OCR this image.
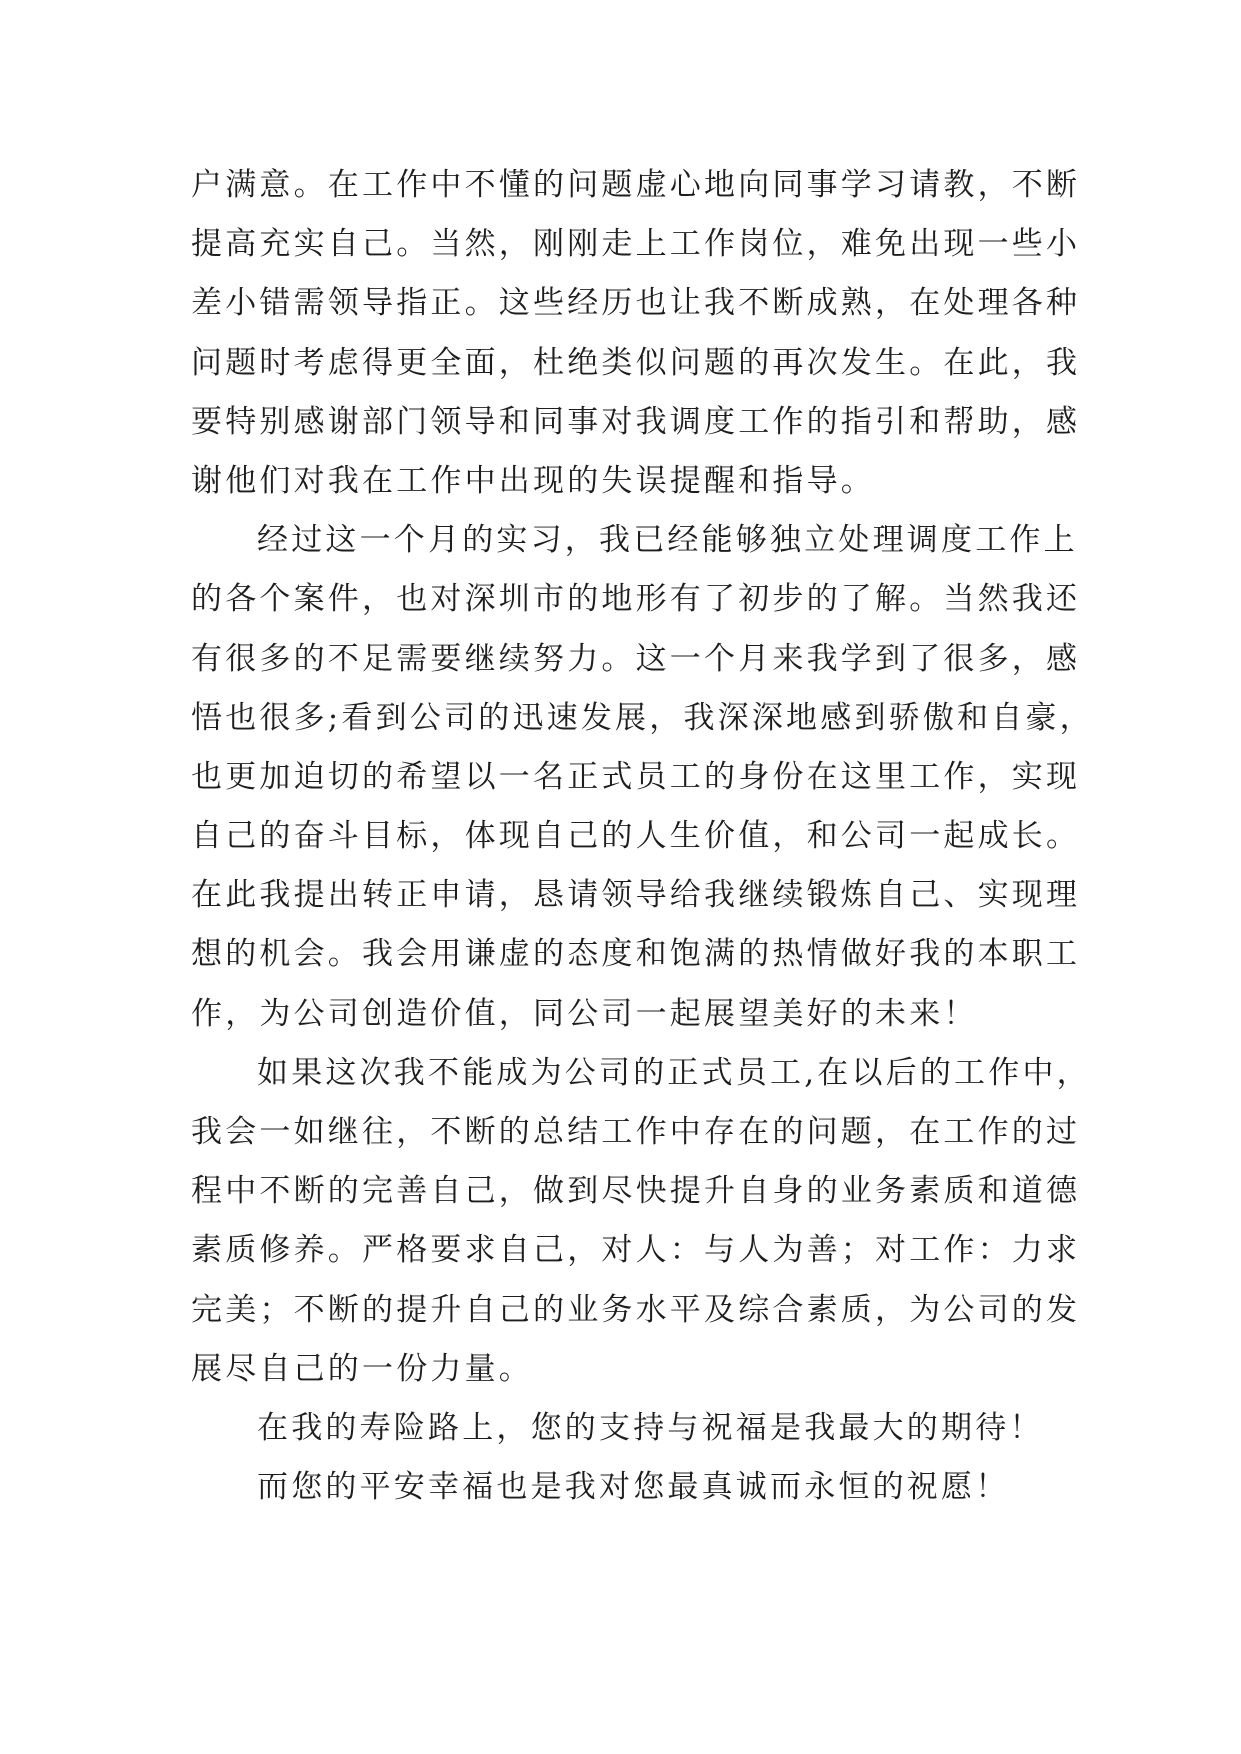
户满意。在工作中不懂的问题虚心地向同事学习请教，不断
提高充实自己。当然，刚刚走上工作岗位，难免出现一些小
差小错需领导指正。这些经历也让我不断成熟，在处理各种
问题时考虑得更全面，杜绝类似问题的再次发生。在此，我
要特别感谢部门领导和同事对我调度工作的指引和帮助，感
谢他们对我在工作中出现的失误提醒和指导。
经过这一个月的实习，我已经能够独立处理调度工作上
的各个案件，也对深圳市的地形有了初步的了解。当然我还
有很多的不足需要继续努力。这一个月来我学到了很多，感
悟也很多;看到公司的迅速发展，我深深地感到骄傲和自豪，
也更加迫切的希望以一名正式员工的身份在这里工作，实现
自己的奋斗目标，体现自己的人生价值，和公司一起成长。
在此我提出转正申请，恳请领导给我继续锻炼自己、实现理
想的机会。我会用谦虚的态度和饱满的热情做好我的本职工
作，为公司创造价值，同公司一起展望美好的未来！
如果这次我不能成为公司的正式员工,在以后的工作中，
我会一如继往，不断的总结工作中存在的问题，在工作的过
程中不断的完善自己，做到尽快提升自身的业务素质和道德
素质修养。严格要求自己，对人：与人为善；对工作：力求
完美；不断的提升自己的业务水平及综合素质，为公司的发
展尽自己的一份力量。
在我的寿险路上，您的支持与祝福是我最大的期待！
而您的平安幸福也是我对您最真诚而永恒的祝愿！
